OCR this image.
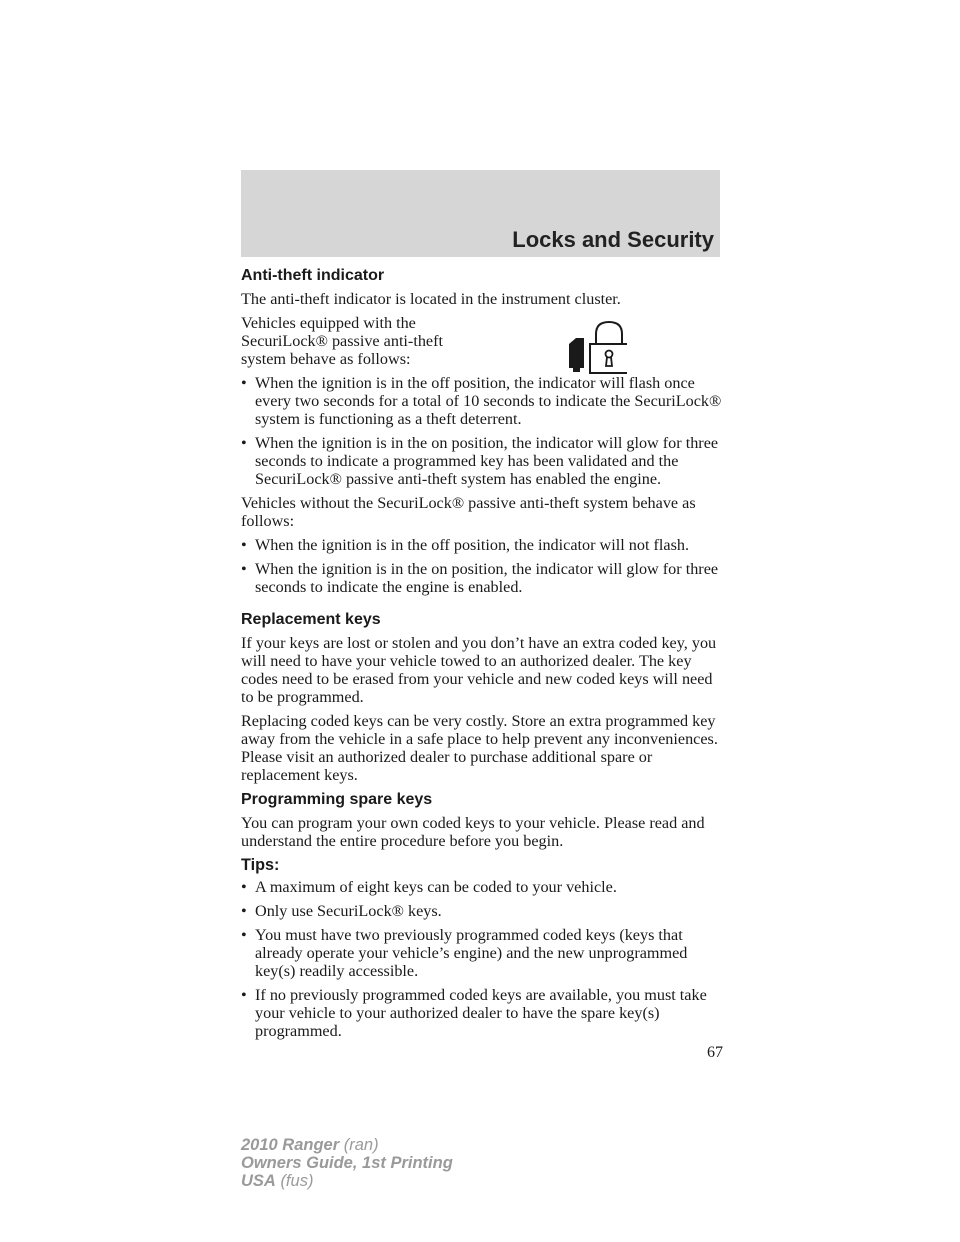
Locks and Security
Anti-theft indicator

The anti-theft indicator is located in the instrument cluster.

Vehicles equipped with the SecuriLock® passive anti-theft system behave as follows:

• When the ignition is in the off position, the indicator will flash once every two seconds for a total of 10 seconds to indicate the SecuriLock® system is functioning as a theft deterrent.
• When the ignition is in the on position, the indicator will glow for three seconds to indicate a programmed key has been validated and the SecuriLock® passive anti-theft system has enabled the engine.

Vehicles without the SecuriLock® passive anti-theft system behave as follows:

• When the ignition is in the off position, the indicator will not flash.
• When the ignition is in the on position, the indicator will glow for three seconds to indicate the engine is enabled.
Replacement keys

If your keys are lost or stolen and you don’t have an extra coded key, you will need to have your vehicle towed to an authorized dealer. The key codes need to be erased from your vehicle and new coded keys will need to be programmed.

Replacing coded keys can be very costly. Store an extra programmed key away from the vehicle in a safe place to help prevent any inconveniences. Please visit an authorized dealer to purchase additional spare or replacement keys.

Programming spare keys

You can program your own coded keys to your vehicle. Please read and understand the entire procedure before you begin.

Tips:
• A maximum of eight keys can be coded to your vehicle.
• Only use SecuriLock® keys.
• You must have two previously programmed coded keys (keys that already operate your vehicle’s engine) and the new unprogrammed key(s) readily accessible.
• If no previously programmed coded keys are available, you must take your vehicle to your authorized dealer to have the spare key(s) programmed.
67
2010 Ranger (ran)
Owners Guide, 1st Printing
USA (fus)
